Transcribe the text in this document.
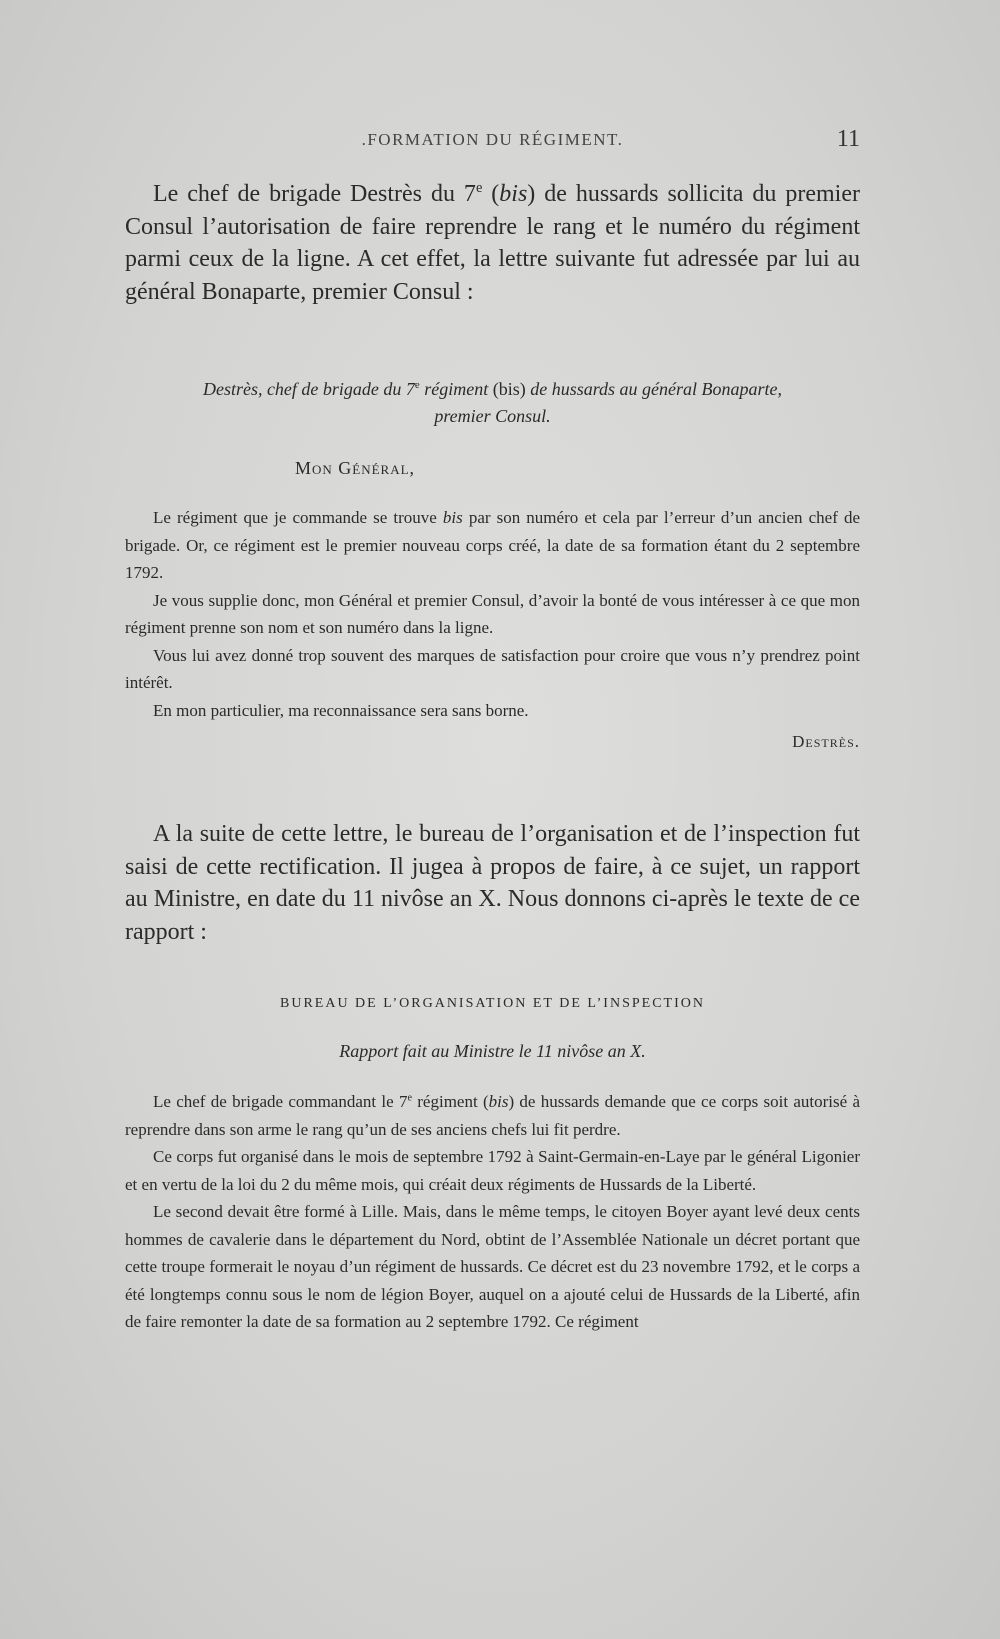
.FORMATION DU RÉGIMENT.	11

Le chef de brigade Destrès du 7e (bis) de hussards sollicita du premier Consul l’autorisation de faire reprendre le rang et le numéro du régiment parmi ceux de la ligne. A cet effet, la lettre suivante fut adressée par lui au général Bonaparte, premier Consul :

Destrès, chef de brigade du 7e régiment (bis) de hussards au général Bonaparte,

premier Consul.

Mon Général,

Le régiment que je commande se trouve bis par son numéro et cela par l’erreur d’un ancien chef de brigade. Or, ce régiment est le premier nouveau corps créé, la date de sa formation étant du 2 septembre 1792.

Je vous supplie donc, mon Général et premier Consul, d’avoir la bonté de vous intéresser à ce que mon régiment prenne son nom et son numéro dans la ligne.

Vous lui avez donné trop souvent des marques de satisfaction pour croire que vous n’y prendrez point intérêt.

En mon particulier, ma reconnaissance sera sans borne.

Destrès.

A la suite de cette lettre, le bureau de l’organisation et de l’inspection fut saisi de cette rectification. Il jugea à propos de faire, à ce sujet, un rapport au Ministre, en date du 11 nivôse an X. Nous donnons ci-après le texte de ce rapport :

BUREAU DE L’ORGANISATION ET DE L’INSPECTION

Rapport fait au Ministre le 11 nivôse an X.

Le chef de brigade commandant le 7e régiment (bis) de hussards demande que ce corps soit autorisé à reprendre dans son arme le rang qu’un de ses anciens chefs lui fit perdre.

Ce corps fut organisé dans le mois de septembre 1792 à Saint-Germain-en-Laye par le général Ligonier et en vertu de la loi du 2 du même mois, qui créait deux régiments de Hussards de la Liberté.

Le second devait être formé à Lille. Mais, dans le même temps, le citoyen Boyer ayant levé deux cents hommes de cavalerie dans le département du Nord, obtint de l’Assemblée Nationale un décret portant que cette troupe formerait le noyau d’un régiment de hussards. Ce décret est du 23 novembre 1792, et le corps a été longtemps connu sous le nom de légion Boyer, auquel on a ajouté celui de Hussards de la Liberté, afin de faire remonter la date de sa formation au 2 septembre 1792. Ce régiment
